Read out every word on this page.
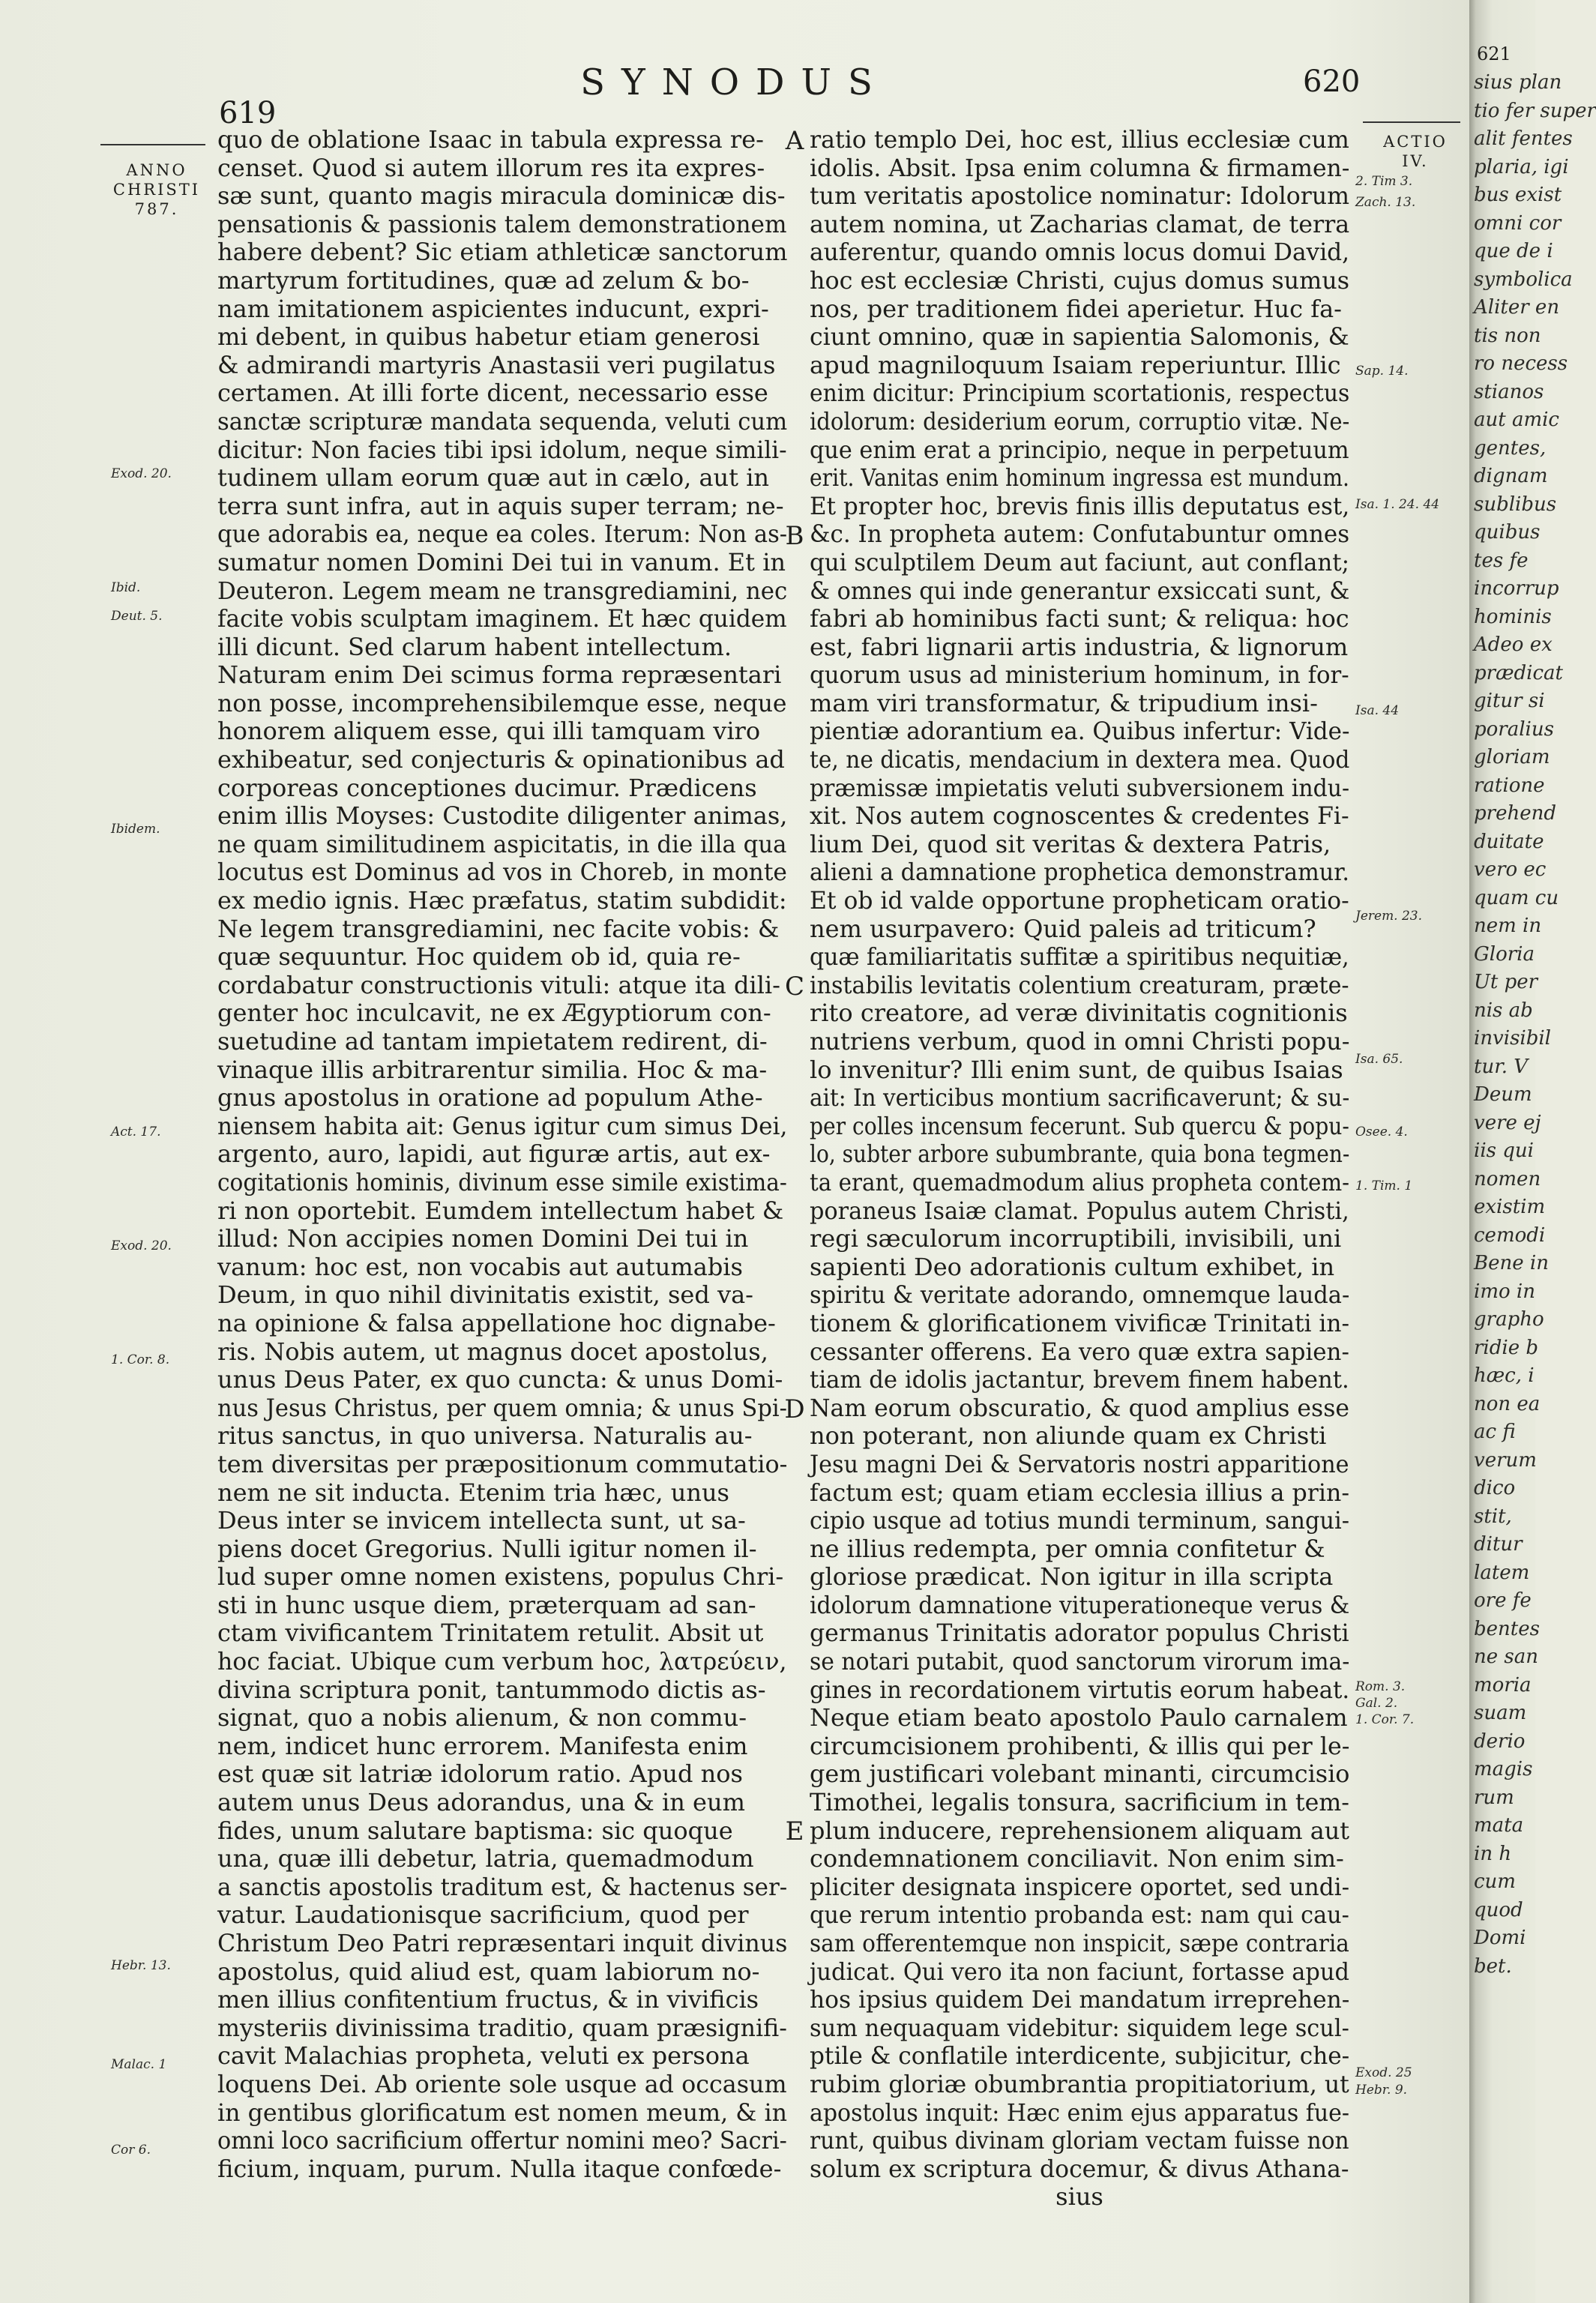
SYNODUS
619
620
ANNO
CHRISTI
787.
ACTIO
IV.
quo de oblatione Isaac in tabula expressa re-
censet. Quod si autem illorum res ita expres-
sæ sunt, quanto magis miracula dominicæ dis-
pensationis & passionis talem demonstrationem
habere debent? Sic etiam athleticæ sanctorum
martyrum fortitudines, quæ ad zelum & bo-
nam imitationem aspicientes inducunt, expri-
mi debent, in quibus habetur etiam generosi
& admirandi martyris Anastasii veri pugilatus
certamen. At illi forte dicent, necessario esse
sanctæ scripturæ mandata sequenda, veluti cum
dicitur: Non facies tibi ipsi idolum, neque simili-
tudinem ullam eorum quæ aut in cælo, aut in
terra sunt infra, aut in aquis super terram; ne-
que adorabis ea, neque ea coles. Iterum: Non as-
sumatur nomen Domini Dei tui in vanum. Et in
Deuteron. Legem meam ne transgrediamini, nec
facite vobis sculptam imaginem. Et hæc quidem
illi dicunt. Sed clarum habent intellectum.
Naturam enim Dei scimus forma repræsentari
non posse, incomprehensibilemque esse, neque
honorem aliquem esse, qui illi tamquam viro
exhibeatur, sed conjecturis & opinationibus ad
corporeas conceptiones ducimur. Prædicens
enim illis Moyses: Custodite diligenter animas,
ne quam similitudinem aspicitatis, in die illa qua
locutus est Dominus ad vos in Choreb, in monte
ex medio ignis. Hæc præfatus, statim subdidit:
Ne legem transgrediamini, nec facite vobis: &
quæ sequuntur. Hoc quidem ob id, quia re-
cordabatur constructionis vituli: atque ita dili-
genter hoc inculcavit, ne ex Ægyptiorum con-
suetudine ad tantam impietatem redirent, di-
vinaque illis arbitrarentur similia. Hoc & ma-
gnus apostolus in oratione ad populum Athe-
niensem habita ait: Genus igitur cum simus Dei,
argento, auro, lapidi, aut figuræ artis, aut ex-
cogitationis hominis, divinum esse simile existima-
ri non oportebit. Eumdem intellectum habet &
illud: Non accipies nomen Domini Dei tui in
vanum: hoc est, non vocabis aut autumabis
Deum, in quo nihil divinitatis existit, sed va-
na opinione & falsa appellatione hoc dignabe-
ris. Nobis autem, ut magnus docet apostolus,
unus Deus Pater, ex quo cuncta: & unus Domi-
nus Jesus Christus, per quem omnia; & unus Spi-
ritus sanctus, in quo universa. Naturalis au-
tem diversitas per præpositionum commutatio-
nem ne sit inducta. Etenim tria hæc, unus
Deus inter se invicem intellecta sunt, ut sa-
piens docet Gregorius. Nulli igitur nomen il-
lud super omne nomen existens, populus Chri-
sti in hunc usque diem, præterquam ad san-
ctam vivificantem Trinitatem retulit. Absit ut
hoc faciat. Ubique cum verbum hoc, λατρεύειν,
divina scriptura ponit, tantummodo dictis as-
signat, quo a nobis alienum, & non commu-
nem, indicet hunc errorem. Manifesta enim
est quæ sit latriæ idolorum ratio. Apud nos
autem unus Deus adorandus, una & in eum
fides, unum salutare baptisma: sic quoque
una, quæ illi debetur, latria, quemadmodum
a sanctis apostolis traditum est, & hactenus ser-
vatur. Laudationisque sacrificium, quod per
Christum Deo Patri repræsentari inquit divinus
apostolus, quid aliud est, quam labiorum no-
men illius confitentium fructus, & in vivificis
mysteriis divinissima traditio, quam præsignifi-
cavit Malachias propheta, veluti ex persona
loquens Dei. Ab oriente sole usque ad occasum
in gentibus glorificatum est nomen meum, & in
omni loco sacrificium offertur nomini meo? Sacri-
ficium, inquam, purum. Nulla itaque confœde-
ratio templo Dei, hoc est, illius ecclesiæ cum
idolis. Absit. Ipsa enim columna & firmamen-
tum veritatis apostolice nominatur: Idolorum
autem nomina, ut Zacharias clamat, de terra
auferentur, quando omnis locus domui David,
hoc est ecclesiæ Christi, cujus domus sumus
nos, per traditionem fidei aperietur. Huc fa-
ciunt omnino, quæ in sapientia Salomonis, &
apud magniloquum Isaiam reperiuntur. Illic
enim dicitur: Principium scortationis, respectus
idolorum: desiderium eorum, corruptio vitæ. Ne-
que enim erat a principio, neque in perpetuum
erit. Vanitas enim hominum ingressa est mundum.
Et propter hoc, brevis finis illis deputatus est,
&c. In propheta autem: Confutabuntur omnes
qui sculptilem Deum aut faciunt, aut conflant;
& omnes qui inde generantur exsiccati sunt, &
fabri ab hominibus facti sunt; & reliqua: hoc
est, fabri lignarii artis industria, & lignorum
quorum usus ad ministerium hominum, in for-
mam viri transformatur, & tripudium insi-
pientiæ adorantium ea. Quibus infertur: Vide-
te, ne dicatis, mendacium in dextera mea. Quod
præmissæ impietatis veluti subversionem indu-
xit. Nos autem cognoscentes & credentes Fi-
lium Dei, quod sit veritas & dextera Patris,
alieni a damnatione prophetica demonstramur.
Et ob id valde opportune propheticam oratio-
nem usurpavero: Quid paleis ad triticum?
quæ familiaritatis suffitæ a spiritibus nequitiæ,
instabilis levitatis colentium creaturam, præte-
rito creatore, ad veræ divinitatis cognitionis
nutriens verbum, quod in omni Christi popu-
lo invenitur? Illi enim sunt, de quibus Isaias
ait: In verticibus montium sacrificaverunt; & su-
per colles incensum fecerunt. Sub quercu & popu-
lo, subter arbore subumbrante, quia bona tegmen-
ta erant, quemadmodum alius propheta contem-
poraneus Isaiæ clamat. Populus autem Christi,
regi sæculorum incorruptibili, invisibili, uni
sapienti Deo adorationis cultum exhibet, in
spiritu & veritate adorando, omnemque lauda-
tionem & glorificationem vivificæ Trinitati in-
cessanter offerens. Ea vero quæ extra sapien-
tiam de idolis jactantur, brevem finem habent.
Nam eorum obscuratio, & quod amplius esse
non poterant, non aliunde quam ex Christi
Jesu magni Dei & Servatoris nostri apparitione
factum est; quam etiam ecclesia illius a prin-
cipio usque ad totius mundi terminum, sangui-
ne illius redempta, per omnia confitetur &
gloriose prædicat. Non igitur in illa scripta
idolorum damnatione vituperationeque verus &
germanus Trinitatis adorator populus Christi
se notari putabit, quod sanctorum virorum ima-
gines in recordationem virtutis eorum habeat.
Neque etiam beato apostolo Paulo carnalem
circumcisionem prohibenti, & illis qui per le-
gem justificari volebant minanti, circumcisio
Timothei, legalis tonsura, sacrificium in tem-
plum inducere, reprehensionem aliquam aut
condemnationem conciliavit. Non enim sim-
pliciter designata inspicere oportet, sed undi-
que rerum intentio probanda est: nam qui cau-
sam offerentemque non inspicit, sæpe contraria
judicat. Qui vero ita non faciunt, fortasse apud
hos ipsius quidem Dei mandatum irreprehen-
sum nequaquam videbitur: siquidem lege scul-
ptile & conflatile interdicente, subjicitur, che-
rubim gloriæ obumbrantia propitiatorium, ut
apostolus inquit: Hæc enim ejus apparatus fue-
runt, quibus divinam gloriam vectam fuisse non
solum ex scriptura docemur, & divus Athana-
sius
A
B
C
D
E
Exod. 20.
Ibid.
Deut. 5.
Ibidem.
Act. 17.
Exod. 20.
1. Cor. 8.
Hebr. 13.
Malac. 1
Cor 6.
2. Tim 3.
Zach. 13.
Sap. 14.
Isa. 1. 24. 44
Isa. 44
Jerem. 23.
Isa. 65.
Osee. 4.
1. Tim. 1
Rom. 3.
Gal. 2.
1. Cor. 7.
Exod. 25
Hebr. 9.
621
sius plan
tio fer super
alit fentes
plaria, igi
bus exist
omni cor
que de i
symbolica
Aliter en
tis non
ro necess
stianos
aut amic
gentes,
dignam
sublibus
quibus
tes fe
incorrup
hominis
Adeo ex
prædicat
gitur si
poralius
gloriam
ratione
prehend
duitate
vero ec
quam cu
nem in
Gloria
Ut per
nis ab
invisibil
tur. V
Deum
vere ej
iis qui
nomen
existim
cemodi
Bene in
imo in
grapho
ridie b
hæc, i
non ea
ac fi
verum
dico
stit,
ditur
latem
ore fe
bentes
ne san
moria
suam
derio
magis
rum
mata
in h
cum
quod
Domi
bet.
